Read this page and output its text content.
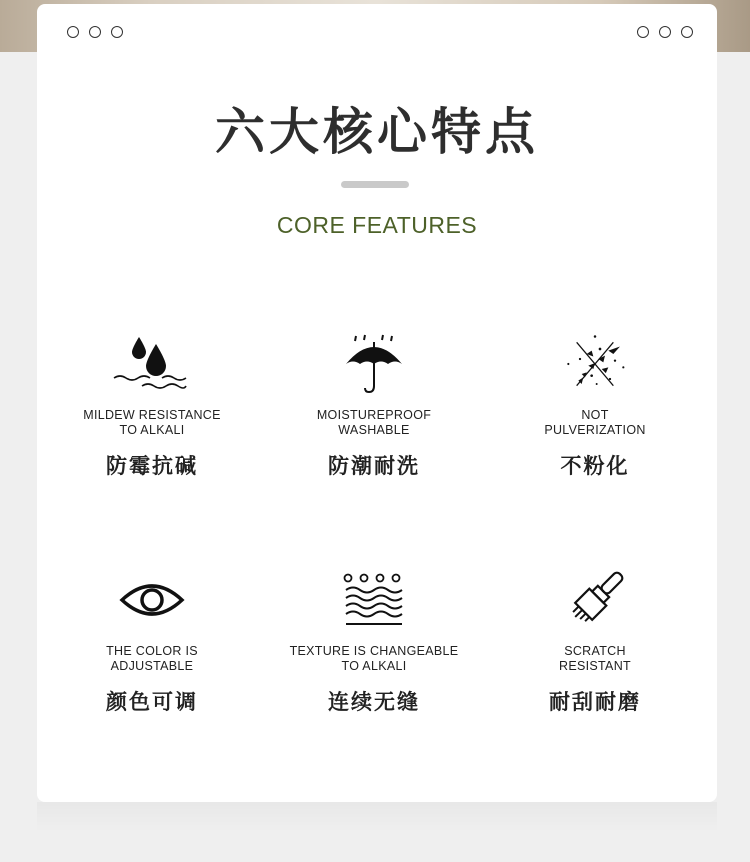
六大核心特点
CORE FEATURES
MILDEW RESISTANCE
TO ALKALI
防霉抗碱
MOISTUREPROOF
WASHABLE
防潮耐洗
NOT
PULVERIZATION
不粉化
THE COLOR IS
ADJUSTABLE
颜色可调
TEXTURE IS CHANGEABLE
TO ALKALI
连续无缝
SCRATCH
RESISTANT
耐刮耐磨
